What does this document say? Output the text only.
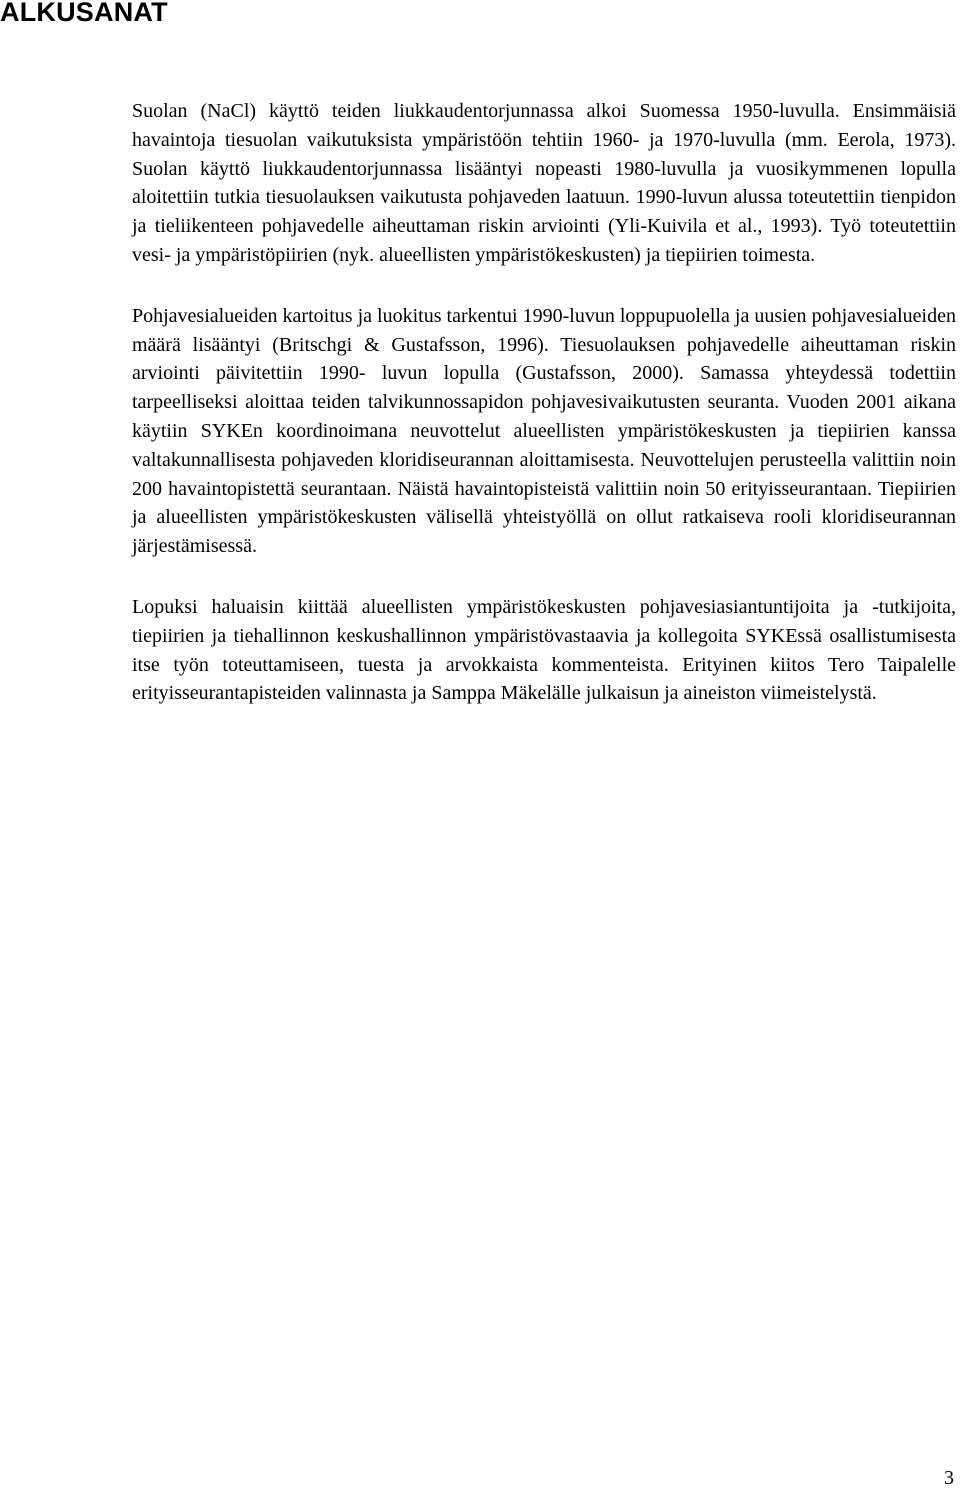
ALKUSANAT

Suolan (NaCl) käyttö teiden liukkaudentorjunnassa alkoi Suomessa 1950-luvulla. Ensimmäisiä havaintoja tiesuolan vaikutuksista ympäristöön tehtiin 1960- ja 1970-luvulla (mm. Eerola, 1973). Suolan käyttö liukkaudentorjunnassa lisääntyi nopeasti 1980-luvulla ja vuosikymmenen lopulla aloitettiin tutkia tiesuolauksen vaikutusta pohjaveden laatuun. 1990-luvun alussa toteutettiin tienpidon ja tieliikenteen pohjavedelle aiheuttaman riskin arviointi (Yli-Kuivila et al., 1993). Työ toteutettiin vesi- ja ympäristöpiirien (nyk. alueellisten ympäristökeskusten) ja tiepiirien toimesta.

Pohjavesialueiden kartoitus ja luokitus tarkentui 1990-luvun loppupuolella ja uusien pohjavesialueiden määrä lisääntyi (Britschgi & Gustafsson, 1996). Tiesuolauksen pohjavedelle aiheuttaman riskin arviointi päivitettiin 1990- luvun lopulla (Gustafsson, 2000). Samassa yhteydessä todettiin tarpeelliseksi aloittaa teiden talvikunnossapidon pohjavesivaikutusten seuranta. Vuoden 2001 aikana käytiin SYKEn koordinoimana neuvottelut alueellisten ympäristökeskusten ja tiepiirien kanssa valtakunnallisesta pohjaveden kloridiseurannan aloittamisesta. Neuvottelujen perusteella valittiin noin 200 havaintopistettä seurantaan. Näistä havaintopisteistä valittiin noin 50 erityisseurantaan. Tiepiirien ja alueellisten ympäristökeskusten välisellä yhteistyöllä on ollut ratkaiseva rooli kloridiseurannan järjestämisessä.

Lopuksi haluaisin kiittää alueellisten ympäristökeskusten pohjavesiasiantuntijoita ja -tutkijoita, tiepiirien ja tiehallinnon keskushallinnon ympäristövastaavia ja kollegoita SYKEssä osallistumisesta itse työn toteuttamiseen, tuesta ja arvokkaista kommenteista. Erityinen kiitos Tero Taipalelle erityisseurantapisteiden valinnasta ja Samppa Mäkelälle julkaisun ja aineiston viimeistelystä.

3
